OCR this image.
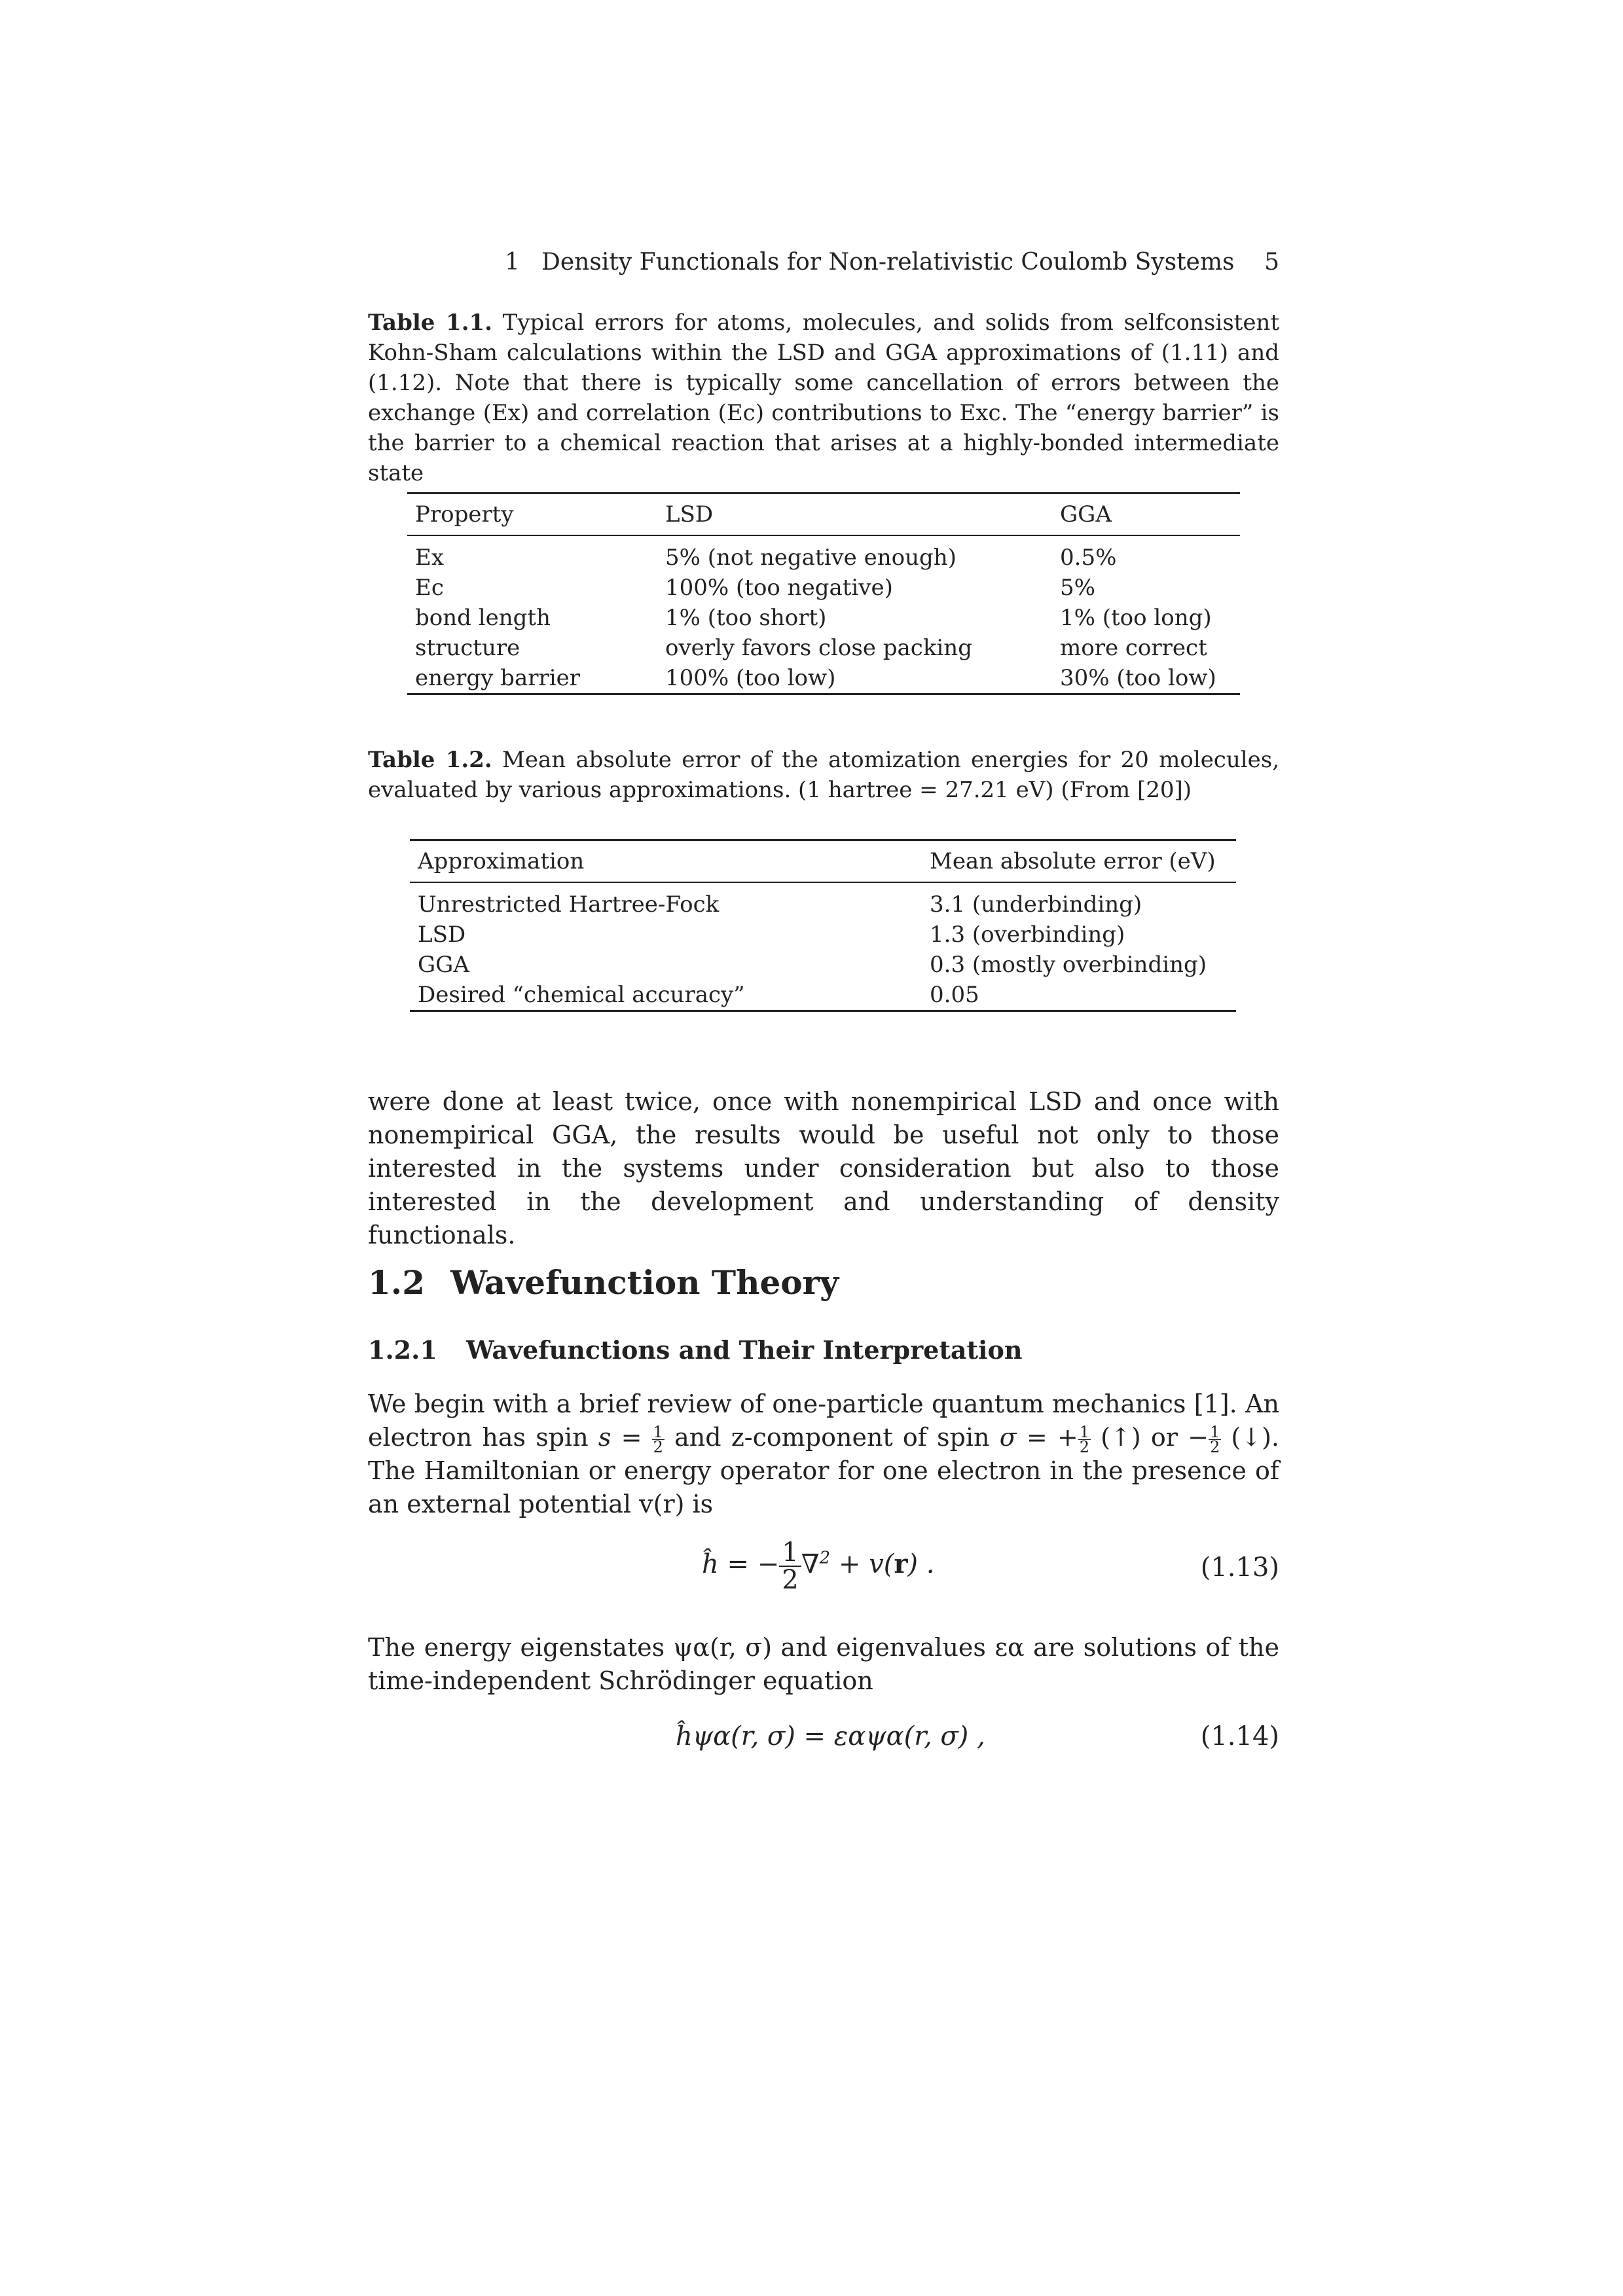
1 Density Functionals for Non-relativistic Coulomb Systems 5
Table 1.1. Typical errors for atoms, molecules, and solids from selfconsistent Kohn-Sham calculations within the LSD and GGA approximations of (1.11) and (1.12). Note that there is typically some cancellation of errors between the exchange (Ex) and correlation (Ec) contributions to Exc. The “energy barrier” is the barrier to a chemical reaction that arises at a highly-bonded intermediate state
Property	LSD	GGA
Ex	5% (not negative enough)	0.5%
Ec	100% (too negative)	5%
bond length	1% (too short)	1% (too long)
structure	overly favors close packing	more correct
energy barrier	100% (too low)	30% (too low)
Table 1.2. Mean absolute error of the atomization energies for 20 molecules, evaluated by various approximations. (1 hartree = 27.21 eV) (From [20])
Approximation	Mean absolute error (eV)
Unrestricted Hartree-Fock	3.1 (underbinding)
LSD	1.3 (overbinding)
GGA	0.3 (mostly overbinding)
Desired “chemical accuracy”	0.05
were done at least twice, once with nonempirical LSD and once with nonempirical GGA, the results would be useful not only to those interested in the systems under consideration but also to those interested in the development and understanding of density functionals.
1.2 Wavefunction Theory
1.2.1 Wavefunctions and Their Interpretation
We begin with a brief review of one-particle quantum mechanics [1]. An electron has spin $s = \frac{1}{2}$ and z-component of spin σ = + $\frac{1}{2}$ (↑) or − $\frac{1}{2}$ (↓). The Hamiltonian or energy operator for one electron in the presence of an external potential v(r) is
ĥ = − $\frac{1}{2} \nabla^2 + v(r)$ .	(1.13)
The energy eigenstates ψα(r, σ) and eigenvalues εα are solutions of the time-independent Schrödinger equation
ĥψα(r, σ) = εαψα(r, σ) ,	(1.14)
